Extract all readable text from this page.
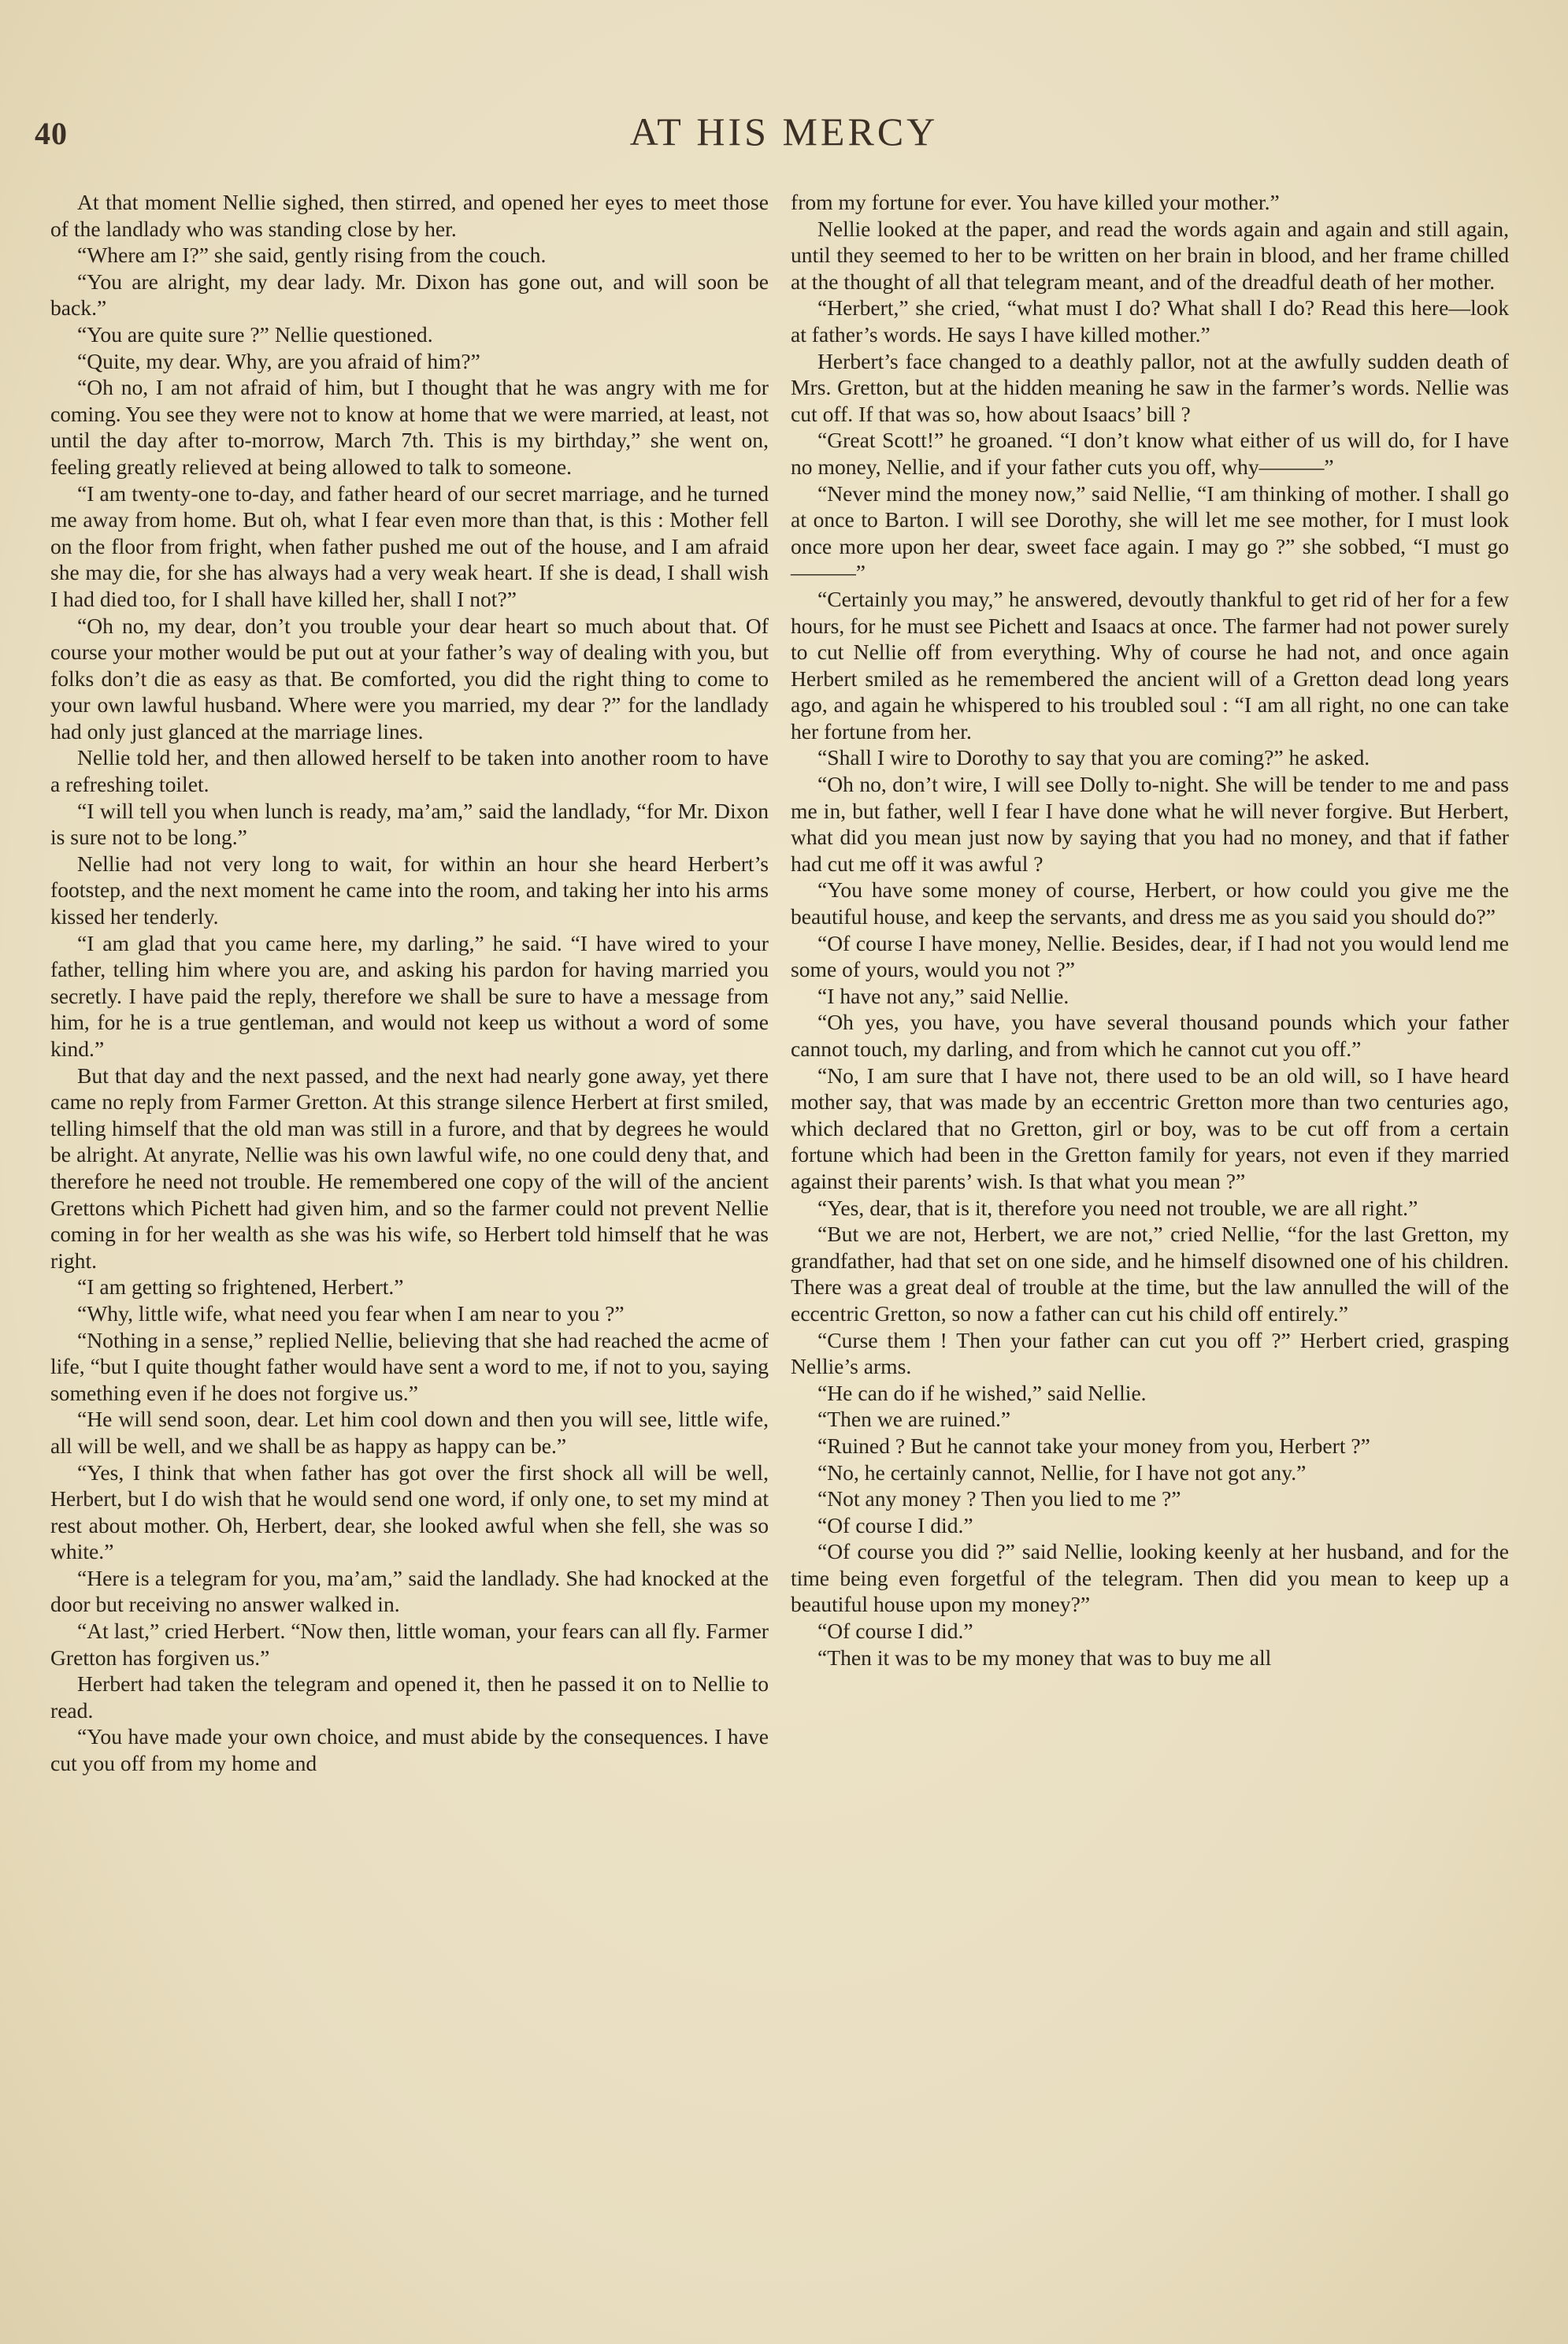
40	AT HIS MERCY

At that moment Nellie sighed, then stirred, and opened her eyes to meet those of the landlady who was standing close by her.

“Where am I?” she said, gently rising from the couch.

“You are alright, my dear lady. Mr. Dixon has gone out, and will soon be back.”

“You are quite sure ?” Nellie questioned.

“Quite, my dear. Why, are you afraid of him?”

“Oh no, I am not afraid of him, but I thought that he was angry with me for coming. You see they were not to know at home that we were married, at least, not until the day after to-morrow, March 7th. This is my birthday,” she went on, feeling greatly relieved at being allowed to talk to someone.

“I am twenty-one to-day, and father heard of our secret marriage, and he turned me away from home. But oh, what I fear even more than that, is this : Mother fell on the floor from fright, when father pushed me out of the house, and I am afraid she may die, for she has always had a very weak heart. If she is dead, I shall wish I had died too, for I shall have killed her, shall I not?”

“Oh no, my dear, don’t you trouble your dear heart so much about that. Of course your mother would be put out at your father’s way of dealing with you, but folks don’t die as easy as that. Be comforted, you did the right thing to come to your own lawful husband. Where were you married, my dear ?” for the landlady had only just glanced at the marriage lines.

Nellie told her, and then allowed herself to be taken into another room to have a refreshing toilet.

“I will tell you when lunch is ready, ma’am,” said the landlady, “for Mr. Dixon is sure not to be long.”

Nellie had not very long to wait, for within an hour she heard Herbert’s footstep, and the next moment he came into the room, and taking her into his arms kissed her tenderly.

“I am glad that you came here, my darling,” he said. “I have wired to your father, telling him where you are, and asking his pardon for having married you secretly. I have paid the reply, therefore we shall be sure to have a message from him, for he is a true gentleman, and would not keep us without a word of some kind.”

But that day and the next passed, and the next had nearly gone away, yet there came no reply from Farmer Gretton. At this strange silence Herbert at first smiled, telling himself that the old man was still in a furore, and that by degrees he would be alright. At anyrate, Nellie was his own lawful wife, no one could deny that, and therefore he need not trouble. He remembered one copy of the will of the ancient Grettons which Pichett had given him, and so the farmer could not prevent Nellie coming in for her wealth as she was his wife, so Herbert told himself that he was right.

“I am getting so frightened, Herbert.”

“Why, little wife, what need you fear when I am near to you ?”

“Nothing in a sense,” replied Nellie, believing that she had reached the acme of life, “but I quite thought father would have sent a word to me, if not to you, saying something even if he does not forgive us.”

“He will send soon, dear. Let him cool down and then you will see, little wife, all will be well, and we shall be as happy as happy can be.”

“Yes, I think that when father has got over the first shock all will be well, Herbert, but I do wish that he would send one word, if only one, to set my mind at rest about mother. Oh, Herbert, dear, she looked awful when she fell, she was so white.”

“Here is a telegram for you, ma’am,” said the landlady. She had knocked at the door but receiving no answer walked in.

“At last,” cried Herbert. “Now then, little woman, your fears can all fly. Farmer Gretton has forgiven us.”

Herbert had taken the telegram and opened it, then he passed it on to Nellie to read.

“You have made your own choice, and must abide by the consequences. I have cut you off from my home and

from my fortune for ever. You have killed your mother.”

Nellie looked at the paper, and read the words again and again and still again, until they seemed to her to be written on her brain in blood, and her frame chilled at the thought of all that telegram meant, and of the dreadful death of her mother.

“Herbert,” she cried, “what must I do? What shall I do? Read this here—look at father’s words. He says I have killed mother.”

Herbert’s face changed to a deathly pallor, not at the awfully sudden death of Mrs. Gretton, but at the hidden meaning he saw in the farmer’s words. Nellie was cut off. If that was so, how about Isaacs’ bill ?

“Great Scott!” he groaned. “I don’t know what either of us will do, for I have no money, Nellie, and if your father cuts you off, why———”

“Never mind the money now,” said Nellie, “I am thinking of mother. I shall go at once to Barton. I will see Dorothy, she will let me see mother, for I must look once more upon her dear, sweet face again. I may go ?” she sobbed, “I must go———”

“Certainly you may,” he answered, devoutly thankful to get rid of her for a few hours, for he must see Pichett and Isaacs at once. The farmer had not power surely to cut Nellie off from everything. Why of course he had not, and once again Herbert smiled as he remembered the ancient will of a Gretton dead long years ago, and again he whispered to his troubled soul : “I am all right, no one can take her fortune from her.

“Shall I wire to Dorothy to say that you are coming?” he asked.

“Oh no, don’t wire, I will see Dolly to-night. She will be tender to me and pass me in, but father, well I fear I have done what he will never forgive. But Herbert, what did you mean just now by saying that you had no money, and that if father had cut me off it was awful ?

“You have some money of course, Herbert, or how could you give me the beautiful house, and keep the servants, and dress me as you said you should do?”

“Of course I have money, Nellie. Besides, dear, if I had not you would lend me some of yours, would you not ?”

“I have not any,” said Nellie.

“Oh yes, you have, you have several thousand pounds which your father cannot touch, my darling, and from which he cannot cut you off.”

“No, I am sure that I have not, there used to be an old will, so I have heard mother say, that was made by an eccentric Gretton more than two centuries ago, which declared that no Gretton, girl or boy, was to be cut off from a certain fortune which had been in the Gretton family for years, not even if they married against their parents’ wish. Is that what you mean ?”

“Yes, dear, that is it, therefore you need not trouble, we are all right.”

“But we are not, Herbert, we are not,” cried Nellie, “for the last Gretton, my grandfather, had that set on one side, and he himself disowned one of his children. There was a great deal of trouble at the time, but the law annulled the will of the eccentric Gretton, so now a father can cut his child off entirely.”

“Curse them ! Then your father can cut you off ?” Herbert cried, grasping Nellie’s arms.

“He can do if he wished,” said Nellie.

“Then we are ruined.”

“Ruined ? But he cannot take your money from you, Herbert ?”

“No, he certainly cannot, Nellie, for I have not got any.”

“Not any money ? Then you lied to me ?”

“Of course I did.”

“Of course you did ?” said Nellie, looking keenly at her husband, and for the time being even forgetful of the telegram. Then did you mean to keep up a beautiful house upon my money?”

“Of course I did.”

“Then it was to be my money that was to buy me all
